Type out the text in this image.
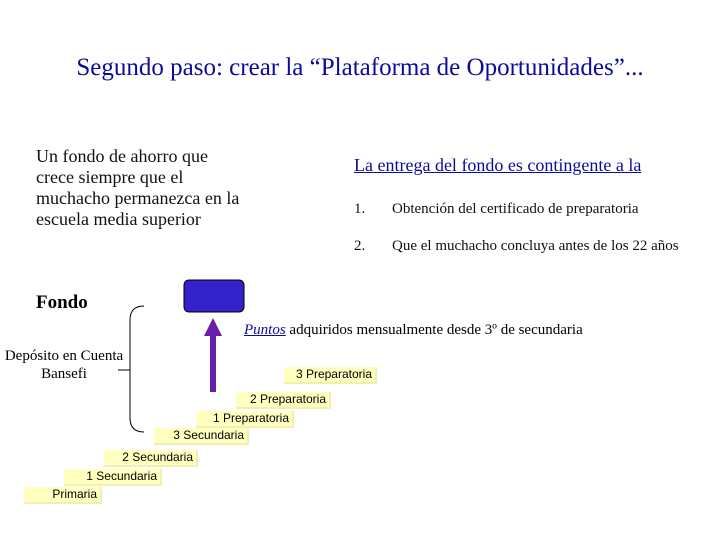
Segundo paso: crear la “Plataforma de Oportunidades”...
Un fondo de ahorro que crece siempre que el muchacho permanezca en la escuela media superior
La entrega del fondo es contingente a la
1. Obtención del certificado de preparatoria
2. Que el muchacho concluya antes de los 22 años
Fondo
Depósito en Cuenta Bansefi
Puntos adquiridos mensualmente desde 3º de secundaria
Primaria
1 Secundaria
2 Secundaria
3 Secundaria
1 Preparatoria
2 Preparatoria
3 Preparatoria
